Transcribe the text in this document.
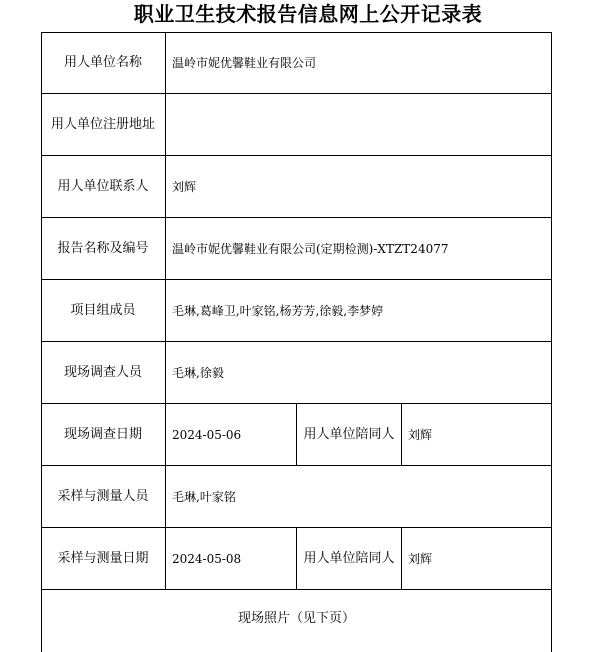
职业卫生技术报告信息网上公开记录表
用人单位名称	温岭市妮优馨鞋业有限公司
用人单位注册地址
用人单位联系人	刘辉
报告名称及编号	温岭市妮优馨鞋业有限公司(定期检测)-XTZT24077
项目组成员	毛琳,葛峰卫,叶家铭,杨芳芳,徐毅,李梦婷
现场调查人员	毛琳,徐毅
现场调查日期	2024-05-06	用人单位陪同人	刘辉
采样与测量人员	毛琳,叶家铭
采样与测量日期	2024-05-08	用人单位陪同人	刘辉
现场照片（见下页）
